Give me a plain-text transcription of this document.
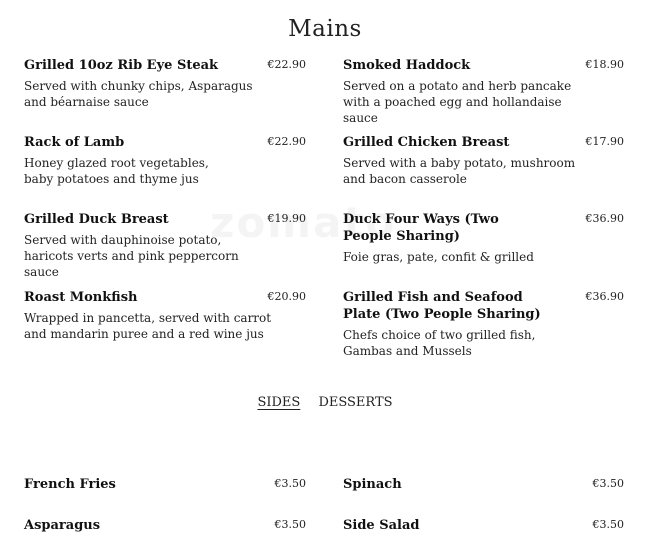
Mains
Grilled 10oz Rib Eye Steak	€22.90
Served with chunky chips, Asparagus and béarnaise sauce
Rack of Lamb	€22.90
Honey glazed root vegetables, baby potatoes and thyme jus
Grilled Duck Breast	€19.90
Served with dauphinoise potato, haricots verts and pink peppercorn sauce
Roast Monkfish	€20.90
Wrapped in pancetta, served with carrot and mandarin puree and a red wine jus
Smoked Haddock	€18.90
Served on a potato and herb pancake with a poached egg and hollandaise sauce
Grilled Chicken Breast	€17.90
Served with a baby potato, mushroom and bacon casserole
Duck Four Ways (Two People Sharing)
€36.90
Foie gras, pate, confit & grilled
Grilled Fish and Seafood Plate (Two People Sharing)
€36.90
Chefs choice of two grilled fish, Gambas and Mussels
SIDES DESSERTS
French Fries	€3.50	Spinach	€3.50
Asparagus	€3.50	Side Salad	€3.50
